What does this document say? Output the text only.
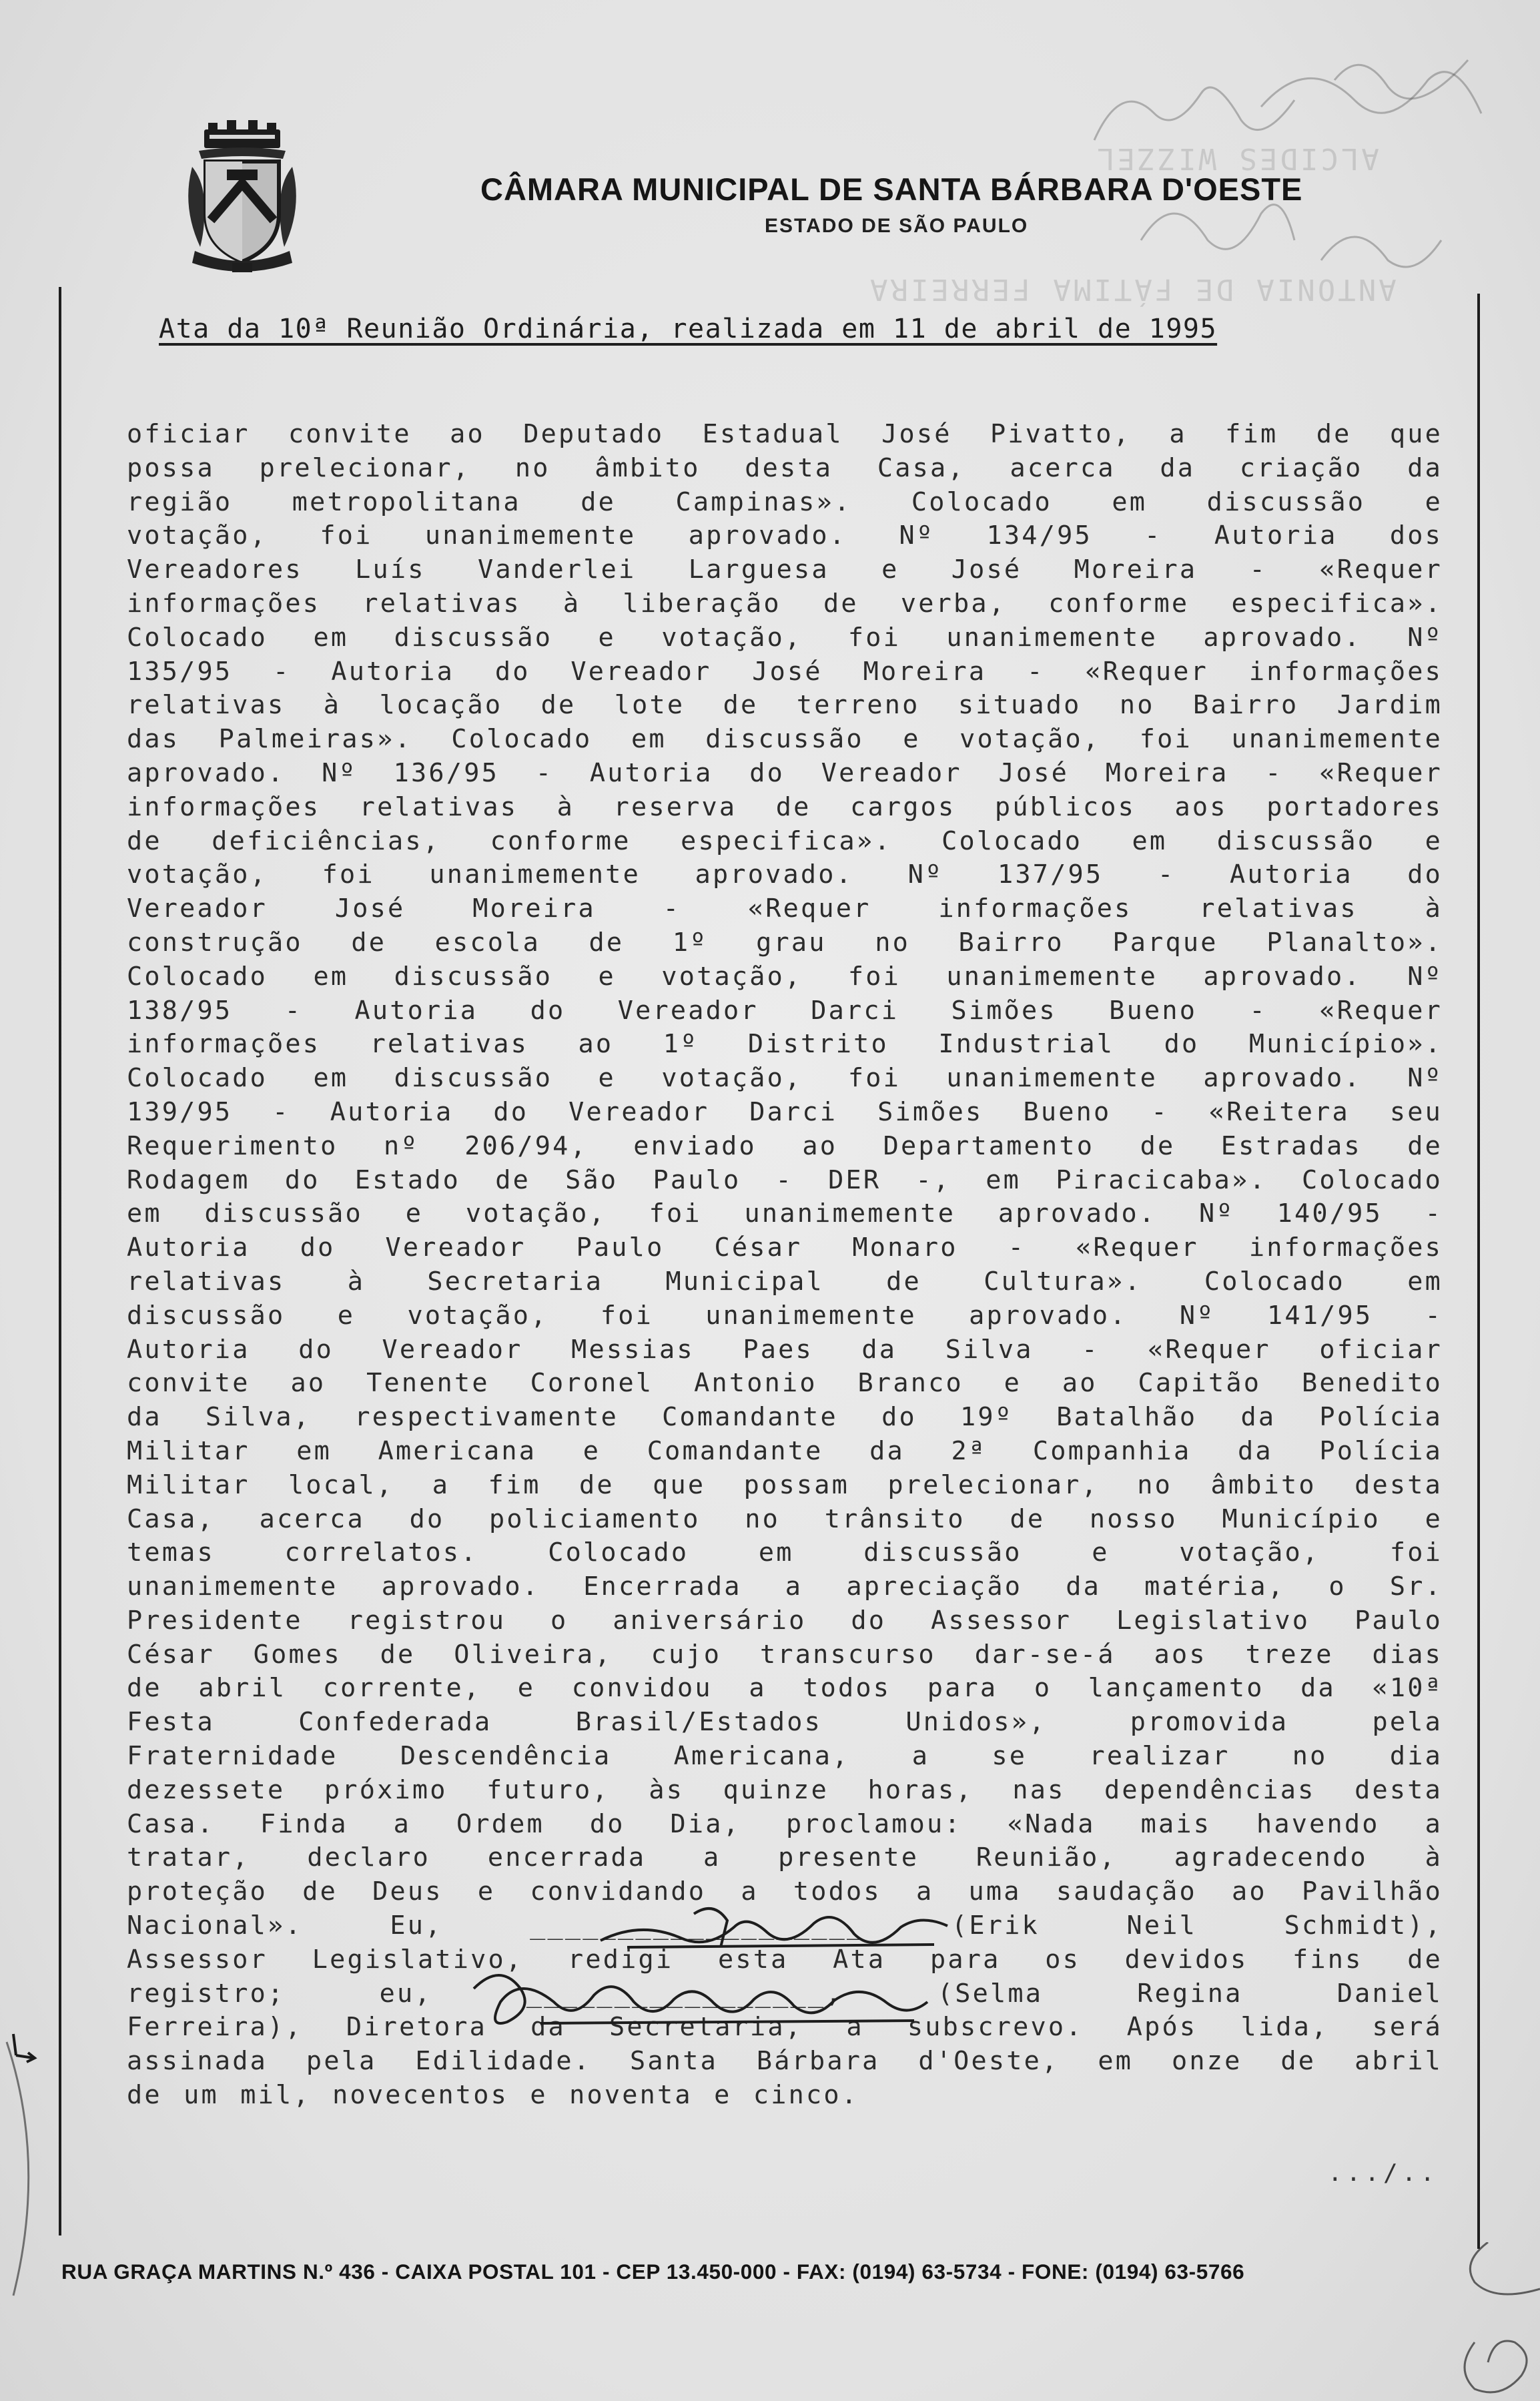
CÂMARA MUNICIPAL DE SANTA BÁRBARA D'OESTE
ESTADO DE SÃO PAULO
ALCIDES WIZZEL
ANTONIA DE FÁTIMA FERREIRA
Ata da 10ª Reunião Ordinária, realizada em 11 de abril de 1995
oficiar convite ao Deputado Estadual José Pivatto, a fim de que
possa prelecionar, no âmbito desta Casa, acerca da criação da
região metropolitana de Campinas». Colocado em discussão e
votação, foi unanimemente aprovado. Nº 134/95 - Autoria dos
Vereadores Luís Vanderlei Larguesa e José Moreira - «Requer
informações relativas à liberação de verba, conforme especifica».
Colocado em discussão e votação, foi unanimemente aprovado. Nº
135/95 - Autoria do Vereador José Moreira - «Requer informações
relativas à locação de lote de terreno situado no Bairro Jardim
das Palmeiras». Colocado em discussão e votação, foi unanimemente
aprovado. Nº 136/95 - Autoria do Vereador José Moreira - «Requer
informações relativas à reserva de cargos públicos aos portadores
de deficiências, conforme especifica». Colocado em discussão e
votação, foi unanimemente aprovado. Nº 137/95 - Autoria do
Vereador José Moreira - «Requer informações relativas à
construção de escola de 1º grau no Bairro Parque Planalto».
Colocado em discussão e votação, foi unanimemente aprovado. Nº
138/95 - Autoria do Vereador Darci Simões Bueno - «Requer
informações relativas ao 1º Distrito Industrial do Município».
Colocado em discussão e votação, foi unanimemente aprovado. Nº
139/95 - Autoria do Vereador Darci Simões Bueno - «Reitera seu
Requerimento nº 206/94, enviado ao Departamento de Estradas de
Rodagem do Estado de São Paulo - DER -, em Piracicaba». Colocado
em discussão e votação, foi unanimemente aprovado. Nº 140/95 -
Autoria do Vereador Paulo César Monaro - «Requer informações
relativas à Secretaria Municipal de Cultura». Colocado em
discussão e votação, foi unanimemente aprovado. Nº 141/95 -
Autoria do Vereador Messias Paes da Silva - «Requer oficiar
convite ao Tenente Coronel Antonio Branco e ao Capitão Benedito
da Silva, respectivamente Comandante do 19º Batalhão da Polícia
Militar em Americana e Comandante da 2ª Companhia da Polícia
Militar local, a fim de que possam prelecionar, no âmbito desta
Casa, acerca do policiamento no trânsito de nosso Município e
temas correlatos. Colocado em discussão e votação, foi
unanimemente aprovado. Encerrada a apreciação da matéria, o Sr.
Presidente registrou o aniversário do Assessor Legislativo Paulo
César Gomes de Oliveira, cujo transcurso dar-se-á aos treze dias
de abril corrente, e convidou a todos para o lançamento da «10ª
Festa Confederada Brasil/Estados Unidos», promovida pela
Fraternidade Descendência Americana, a se realizar no dia
dezessete próximo futuro, às quinze horas, nas dependências desta
Casa. Finda a Ordem do Dia, proclamou: «Nada mais havendo a
tratar, declaro encerrada a presente Reunião, agradecendo à
proteção de Deus e convidando a todos a uma saudação ao Pavilhão
Nacional». Eu, ___________________ (Erik Neil Schmidt),
Assessor Legislativo, redigi esta Ata para os devidos fins de
registro; eu, _________________, (Selma Regina Daniel
Ferreira), Diretora da Secretaria, a subscrevo. Após lida, será
assinada pela Edilidade. Santa Bárbara d'Oeste, em onze de abril
de um mil, novecentos e noventa e cinco.
.../..
RUA GRAÇA MARTINS N.º 436 - CAIXA POSTAL 101 - CEP 13.450-000 - FAX: (0194) 63-5734 - FONE: (0194) 63-5766
